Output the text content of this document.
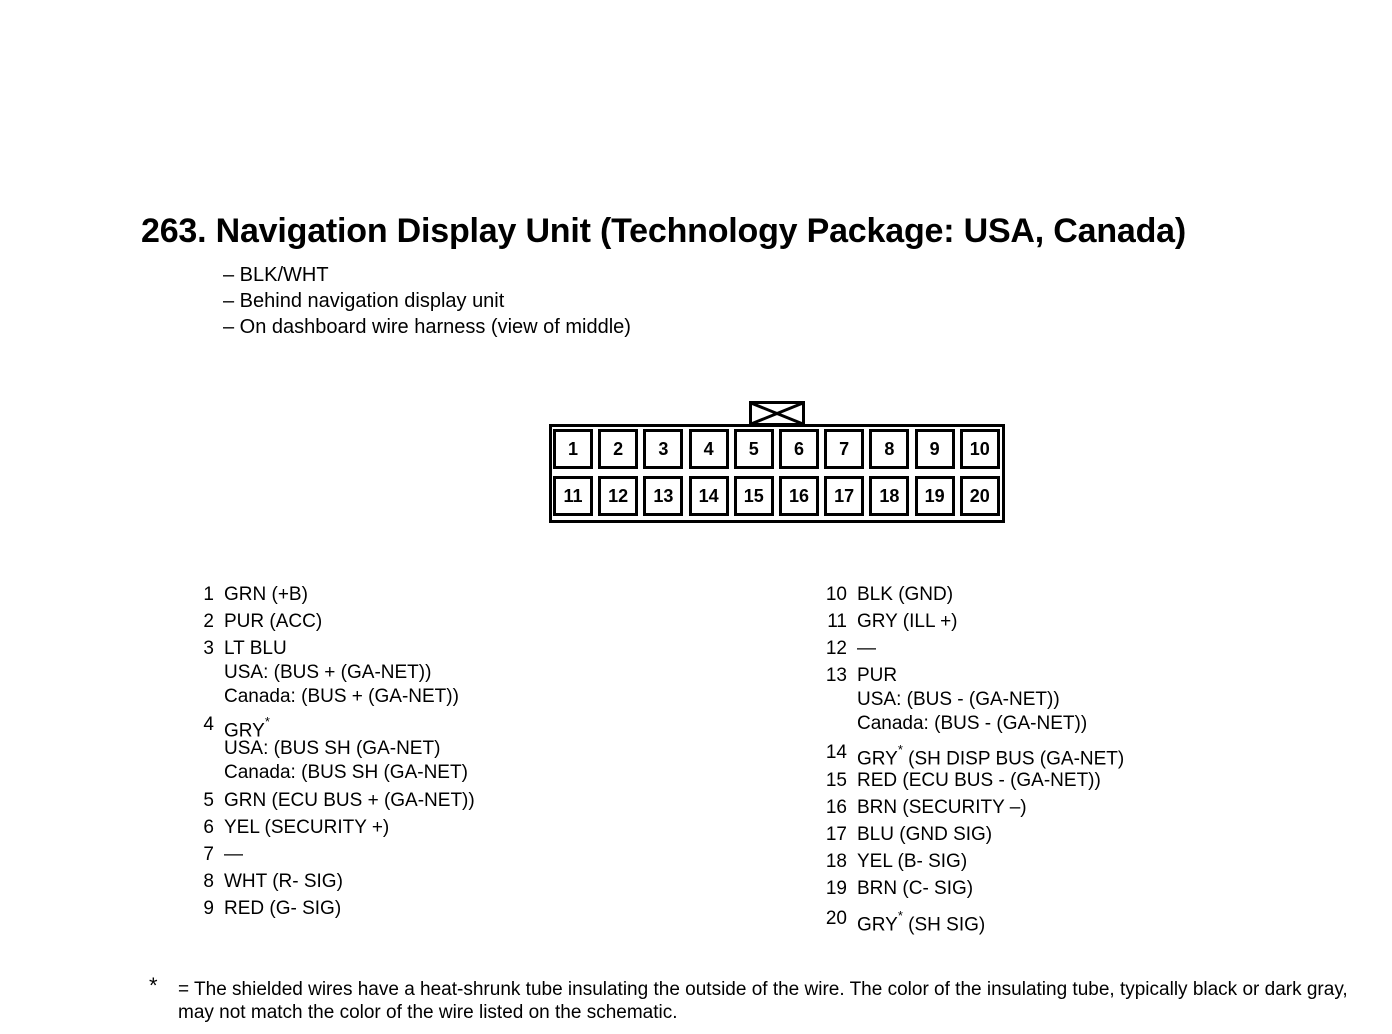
263. Navigation Display Unit (Technology Package: USA, Canada)
– BLK/WHT
– Behind navigation display unit
– On dashboard wire harness (view of middle)
1	2	3	4	5	6	7	8	9	10
11	12	13	14	15	16	17	18	19	20
1 GRN (+B)
2 PUR (ACC)
3 LT BLU
USA: (BUS + (GA-NET))
Canada: (BUS + (GA-NET))
4 GRY*
USA: (BUS SH (GA-NET)
Canada: (BUS SH (GA-NET)
5 GRN (ECU BUS + (GA-NET))
6 YEL (SECURITY +)
7 —
8 WHT (R- SIG)
9 RED (G- SIG)
10 BLK (GND)
11 GRY (ILL +)
12 —
13 PUR
USA: (BUS - (GA-NET))
Canada: (BUS - (GA-NET))
14 GRY* (SH DISP BUS (GA-NET)
15 RED (ECU BUS - (GA-NET))
16 BRN (SECURITY –)
17 BLU (GND SIG)
18 YEL (B- SIG)
19 BRN (C- SIG)
20 GRY* (SH SIG)
* = The shielded wires have a heat-shrunk tube insulating the outside of the wire. The color of the insulating tube, typically black or dark gray, may not match the color of the wire listed on the schematic.
